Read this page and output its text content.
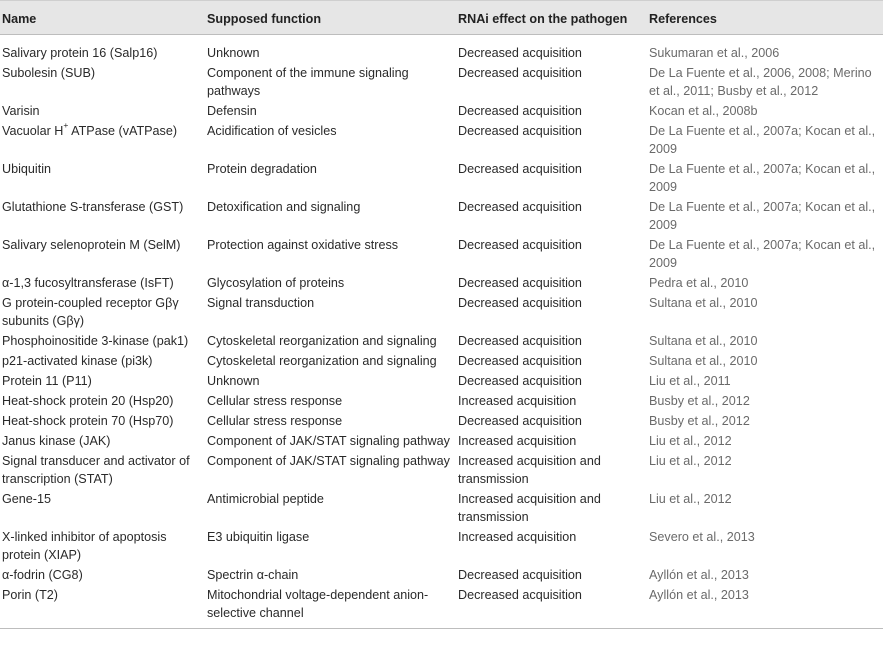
Name	Supposed function	RNAi effect on the pathogen	References
Salivary protein 16 (Salp16)	Unknown	Decreased acquisition	Sukumaran et al., 2006
Subolesin (SUB)	Component of the immune signaling pathways	Decreased acquisition	De La Fuente et al., 2006, 2008; Merino et al., 2011; Busby et al., 2012
Varisin	Defensin	Decreased acquisition	Kocan et al., 2008b
Vacuolar H+ ATPase (vATPase)	Acidification of vesicles	Decreased acquisition	De La Fuente et al., 2007a; Kocan et al., 2009
Ubiquitin	Protein degradation	Decreased acquisition	De La Fuente et al., 2007a; Kocan et al., 2009
Glutathione S-transferase (GST)	Detoxification and signaling	Decreased acquisition	De La Fuente et al., 2007a; Kocan et al., 2009
Salivary selenoprotein M (SelM)	Protection against oxidative stress	Decreased acquisition	De La Fuente et al., 2007a; Kocan et al., 2009
α-1,3 fucosyltransferase (IsFT)	Glycosylation of proteins	Decreased acquisition	Pedra et al., 2010
G protein-coupled receptor Gβγ subunits (Gβγ)	Signal transduction	Decreased acquisition	Sultana et al., 2010
Phosphoinositide 3-kinase (pak1)	Cytoskeletal reorganization and signaling	Decreased acquisition	Sultana et al., 2010
p21-activated kinase (pi3k)	Cytoskeletal reorganization and signaling	Decreased acquisition	Sultana et al., 2010
Protein 11 (P11)	Unknown	Decreased acquisition	Liu et al., 2011
Heat-shock protein 20 (Hsp20)	Cellular stress response	Increased acquisition	Busby et al., 2012
Heat-shock protein 70 (Hsp70)	Cellular stress response	Decreased acquisition	Busby et al., 2012
Janus kinase (JAK)	Component of JAK/STAT signaling pathway	Increased acquisition	Liu et al., 2012
Signal transducer and activator of transcription (STAT)	Component of JAK/STAT signaling pathway	Increased acquisition and transmission	Liu et al., 2012
Gene-15	Antimicrobial peptide	Increased acquisition and transmission	Liu et al., 2012
X-linked inhibitor of apoptosis protein (XIAP)	E3 ubiquitin ligase	Increased acquisition	Severo et al., 2013
α-fodrin (CG8)	Spectrin α-chain	Decreased acquisition	Ayllón et al., 2013
Porin (T2)	Mitochondrial voltage-dependent anion-selective channel	Decreased acquisition	Ayllón et al., 2013
